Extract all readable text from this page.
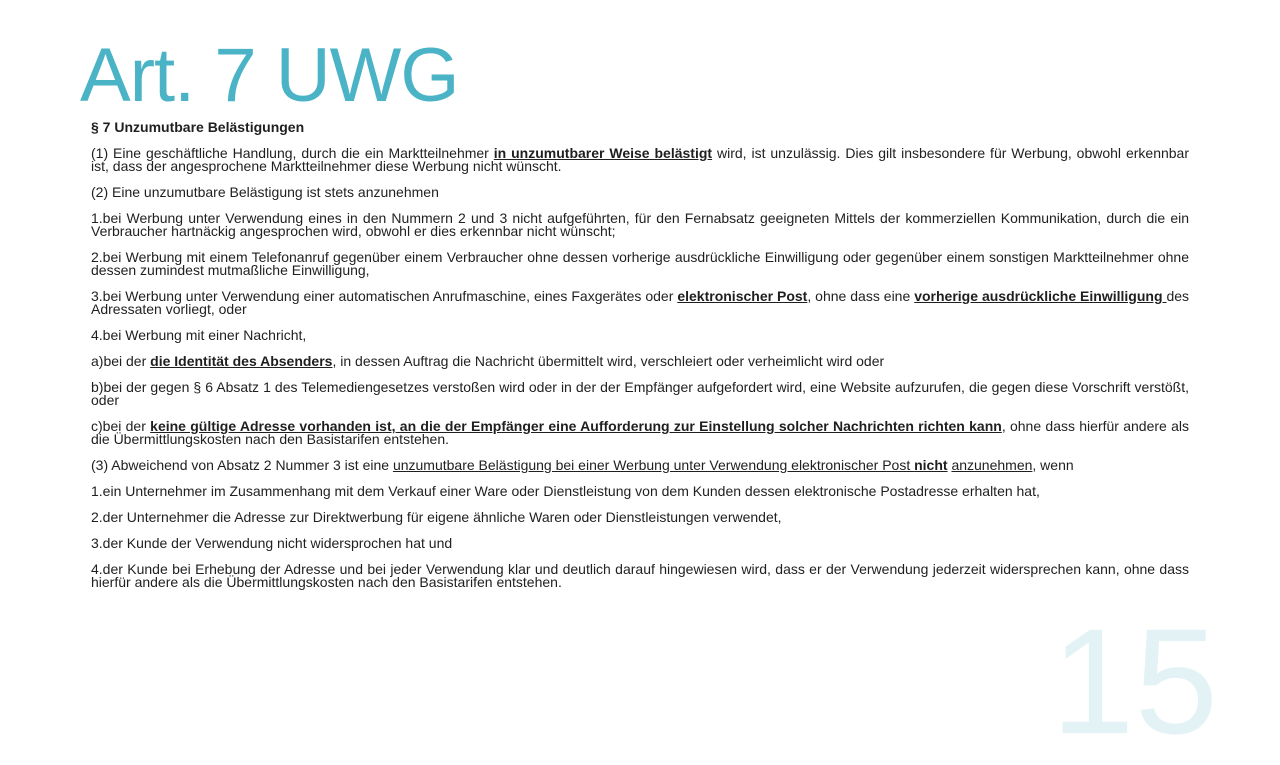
Art. 7 UWG

§ 7 Unzumutbare Belästigungen

(1) Eine geschäftliche Handlung, durch die ein Marktteilnehmer in unzumutbarer Weise belästigt wird, ist unzulässig. Dies gilt insbesondere für Werbung, obwohl erkennbar ist, dass der angesprochene Marktteilnehmer diese Werbung nicht wünscht.

(2) Eine unzumutbare Belästigung ist stets anzunehmen

1.bei Werbung unter Verwendung eines in den Nummern 2 und 3 nicht aufgeführten, für den Fernabsatz geeigneten Mittels der kommerziellen Kommunikation, durch die ein Verbraucher hartnäckig angesprochen wird, obwohl er dies erkennbar nicht wünscht;

2.bei Werbung mit einem Telefonanruf gegenüber einem Verbraucher ohne dessen vorherige ausdrückliche Einwilligung oder gegenüber einem sonstigen Marktteilnehmer ohne dessen zumindest mutmaßliche Einwilligung,

3.bei Werbung unter Verwendung einer automatischen Anrufmaschine, eines Faxgerätes oder elektronischer Post, ohne dass eine vorherige ausdrückliche Einwilligung des Adressaten vorliegt, oder

4.bei Werbung mit einer Nachricht,

a)bei der die Identität des Absenders, in dessen Auftrag die Nachricht übermittelt wird, verschleiert oder verheimlicht wird oder

b)bei der gegen § 6 Absatz 1 des Telemediengesetzes verstoßen wird oder in der der Empfänger aufgefordert wird, eine Website aufzurufen, die gegen diese Vorschrift verstößt, oder

c)bei der keine gültige Adresse vorhanden ist, an die der Empfänger eine Aufforderung zur Einstellung solcher Nachrichten richten kann, ohne dass hierfür andere als die Übermittlungskosten nach den Basistarifen entstehen.

(3) Abweichend von Absatz 2 Nummer 3 ist eine unzumutbare Belästigung bei einer Werbung unter Verwendung elektronischer Post nicht anzunehmen, wenn

1.ein Unternehmer im Zusammenhang mit dem Verkauf einer Ware oder Dienstleistung von dem Kunden dessen elektronische Postadresse erhalten hat,

2.der Unternehmer die Adresse zur Direktwerbung für eigene ähnliche Waren oder Dienstleistungen verwendet,

3.der Kunde der Verwendung nicht widersprochen hat und

4.der Kunde bei Erhebung der Adresse und bei jeder Verwendung klar und deutlich darauf hingewiesen wird, dass er der Verwendung jederzeit widersprechen kann, ohne dass hierfür andere als die Übermittlungskosten nach den Basistarifen entstehen.

15
